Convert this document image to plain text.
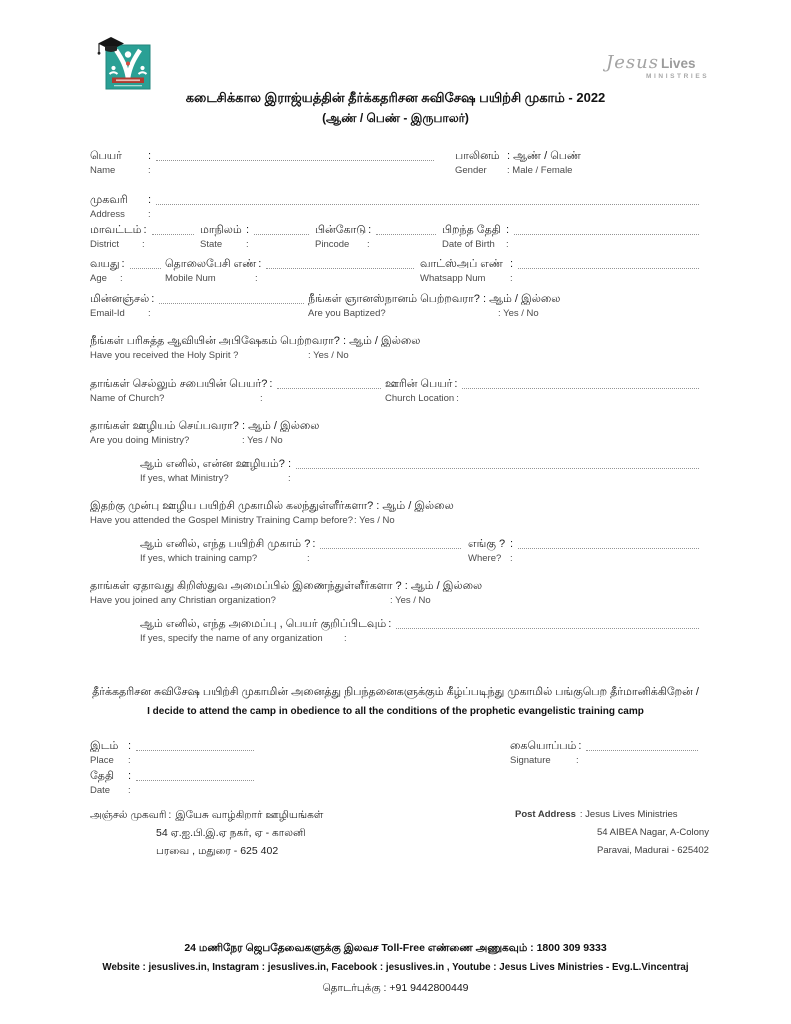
Jesus Lives
MINISTRIES
கடைசிக்கால இராஜ்யத்தின் தீர்க்கதரிசன சுவிசேஷ பயிற்சி முகாம் - 2022
(ஆண் / பெண் - இருபாலர்)
பெயர்	:
Name	:
பாலினம் : ஆண் / பெண்
Gender	: Male / Female
முகவரி	:
Address	:
மாவட்டம் :
District	:
மாநிலம் :
State	:
பின்கோடு :
Pincode	:
பிறந்த தேதி :
Date of Birth	:
வயது :
Age	:
தொலைபேசி எண் :
Mobile Num	:
வாட்ஸ்அப் எண் :
Whatsapp Num	:
மின்னஞ்சல் :
Email-Id	:
நீங்கள் ஞானஸ்நானம் பெற்றவரா? : ஆம் / இல்லை
Are you Baptized?	: Yes / No
நீங்கள் பரிசுத்த ஆவியின் அபிஷேகம் பெற்றவரா? : ஆம் / இல்லை
Have you received the Holy Spirit ?	: Yes / No
தாங்கள் செல்லும் சபையின் பெயர்? :
Name of Church?	:
ஊரின் பெயர் :
Church Location :
தாங்கள் ஊழியம் செய்பவரா? : ஆம் / இல்லை
Are you doing Ministry?	: Yes / No
ஆம் எனில், என்ன ஊழியம்? :
If yes, what Ministry?	:
இதற்கு முன்பு ஊழிய பயிற்சி முகாமில் கலந்துள்ளீர்களா? : ஆம் / இல்லை
Have you attended the Gospel Ministry Training Camp before? : Yes / No
ஆம் எனில், எந்த பயிற்சி முகாம் ? :
If yes, which training camp?	:
எங்கு ? :
Where? :
தாங்கள் ஏதாவது கிறிஸ்துவ அமைப்பில் இணைந்துள்ளீர்களா ? : ஆம் / இல்லை
Have you joined any Christian organization?	: Yes / No
ஆம் எனில், எந்த அமைப்பு , பெயர் குறிப்பிடவும் :
If yes, specify the name of any organization	:
தீர்க்கதரிசன சுவிசேஷ பயிற்சி முகாமின் அனைத்து நிபந்தனைகளுக்கும் கீழ்ப்படிந்து முகாமில் பங்குபெற தீர்மானிக்கிறேன் /
I decide to attend the camp in obedience to all the conditions of the prophetic evangelistic training camp
இடம் :
Place	:
கையொப்பம் :
Signature	:
தேதி	:
Date	:
அஞ்சல் முகவரி : இயேசு வாழ்கிறார் ஊழியங்கள்
54 ஏ.ஐ.பி.இ.ஏ நகர், ஏ - காலனி
பரவை , மதுரை - 625 402
Post Address : Jesus Lives Ministries
54 AIBEA Nagar, A-Colony
Paravai, Madurai - 625402
24 மணிநேர ஜெபதேவைகளுக்கு இலவச Toll-Free எண்ணை அணுகவும் : 1800 309 9333
Website : jesuslives.in, Instagram : jesuslives.in, Facebook : jesuslives.in , Youtube : Jesus Lives Ministries - Evg.L.Vincentraj
தொடர்புக்கு : +91 9442800449
